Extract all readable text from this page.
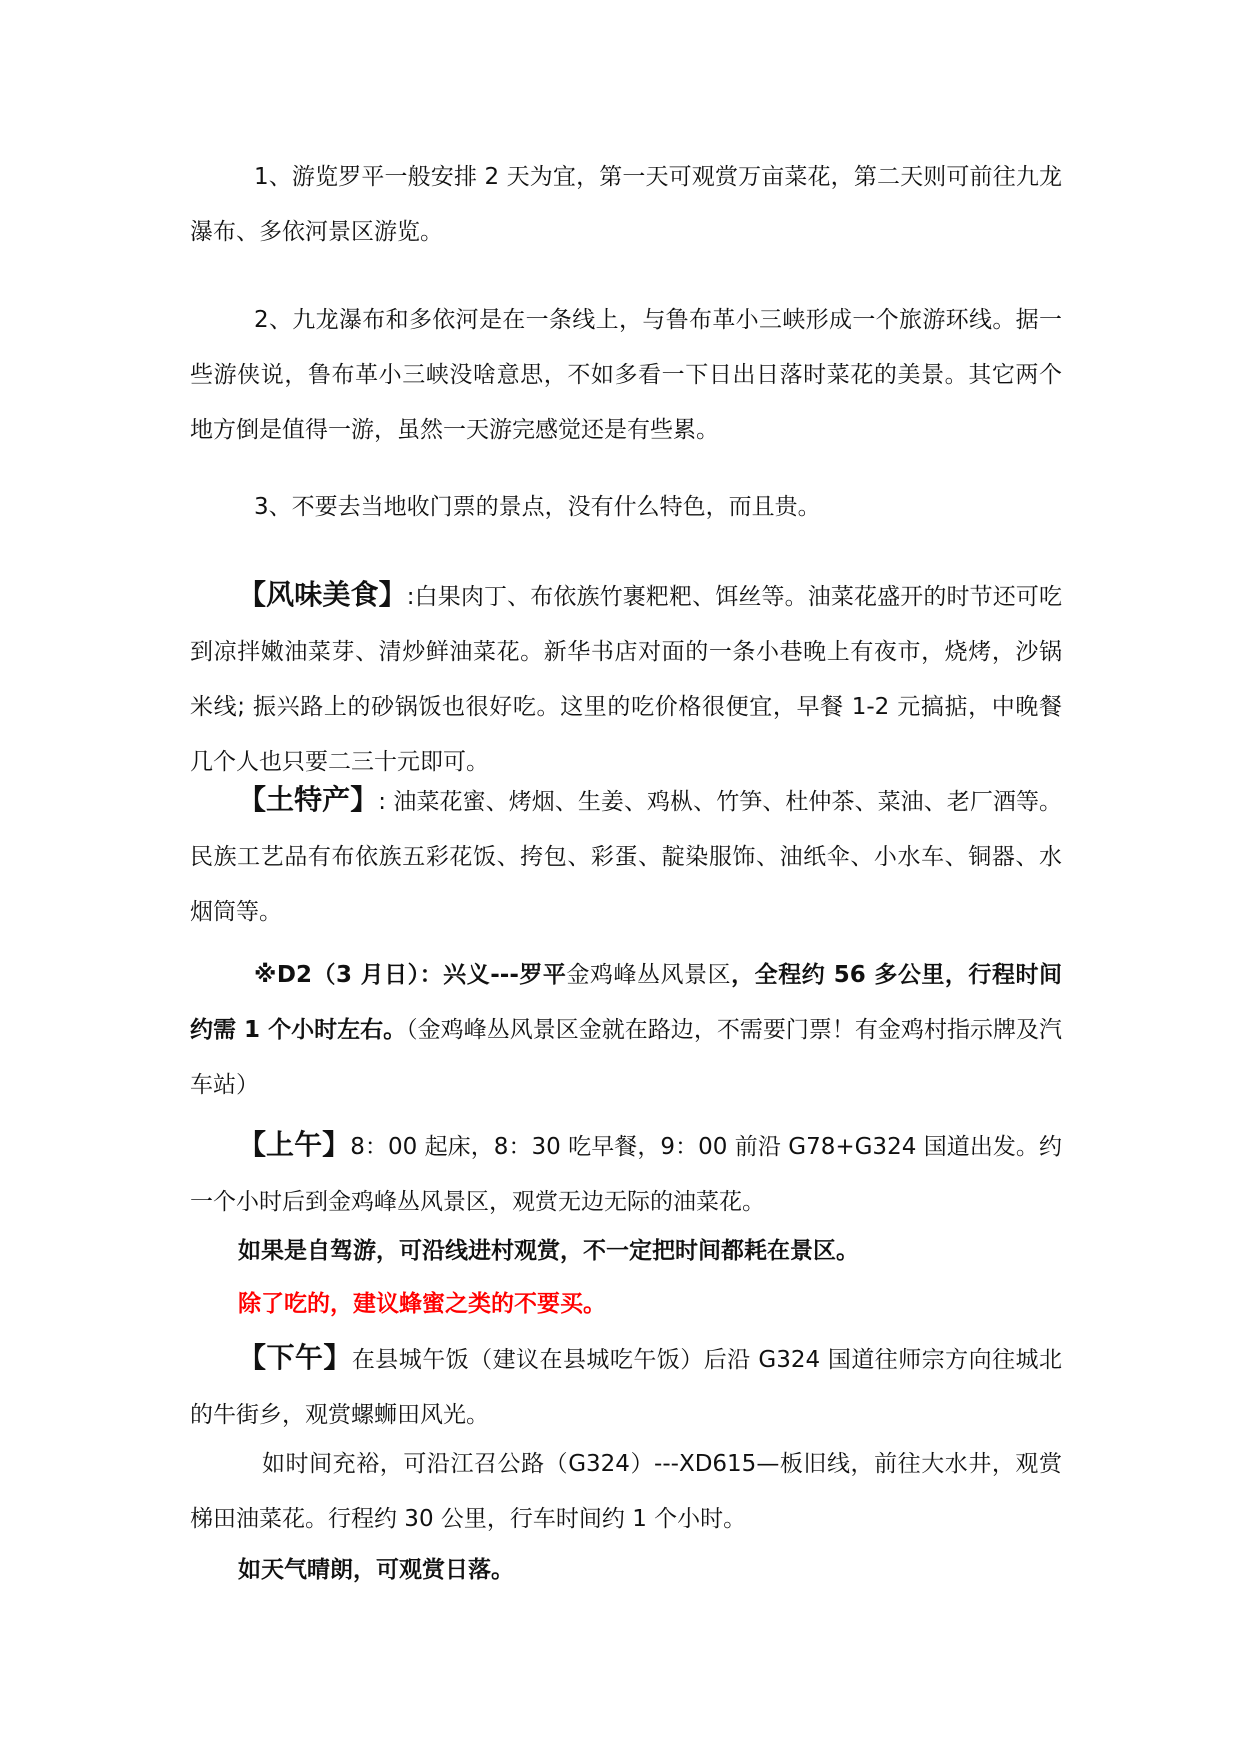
1、游览罗平一般安排 2 天为宜，第一天可观赏万亩菜花，第二天则可前往九龙瀑布、多依河景区游览。

2、九龙瀑布和多依河是在一条线上，与鲁布革小三峡形成一个旅游环线。据一些游侠说，鲁布革小三峡没啥意思，不如多看一下日出日落时菜花的美景。其它两个地方倒是值得一游，虽然一天游完感觉还是有些累。

3、不要去当地收门票的景点，没有什么特色，而且贵。

【风味美食】:白果肉丁、布依族竹裹粑粑、饵丝等。油菜花盛开的时节还可吃到凉拌嫩油菜芽、清炒鲜油菜花。新华书店对面的一条小巷晚上有夜市，烧烤，沙锅米线; 振兴路上的砂锅饭也很好吃。这里的吃价格很便宜，早餐 1-2 元搞掂，中晚餐几个人也只要二三十元即可。

【土特产】: 油菜花蜜、烤烟、生姜、鸡枞、竹笋、杜仲茶、菜油、老厂酒等。民族工艺品有布依族五彩花饭、挎包、彩蛋、靛染服饰、油纸伞、小水车、铜器、水烟筒等。

※D2（3 月日）：兴义---罗平金鸡峰丛风景区，全程约 56 多公里，行程时间约需 1 个小时左右。（金鸡峰丛风景区金就在路边，不需要门票！有金鸡村指示牌及汽车站）

【上午】8：00 起床，8：30 吃早餐，9：00 前沿 G78+G324 国道出发。约一个小时后到金鸡峰丛风景区，观赏无边无际的油菜花。

如果是自驾游，可沿线进村观赏，不一定把时间都耗在景区。

除了吃的，建议蜂蜜之类的不要买。

【下午】在县城午饭（建议在县城吃午饭）后沿 G324 国道往师宗方向往城北的牛街乡，观赏螺蛳田风光。

如时间充裕，可沿江召公路（G324）---XD615—板旧线，前往大水井，观赏梯田油菜花。行程约 30 公里，行车时间约 1 个小时。

如天气晴朗，可观赏日落。
